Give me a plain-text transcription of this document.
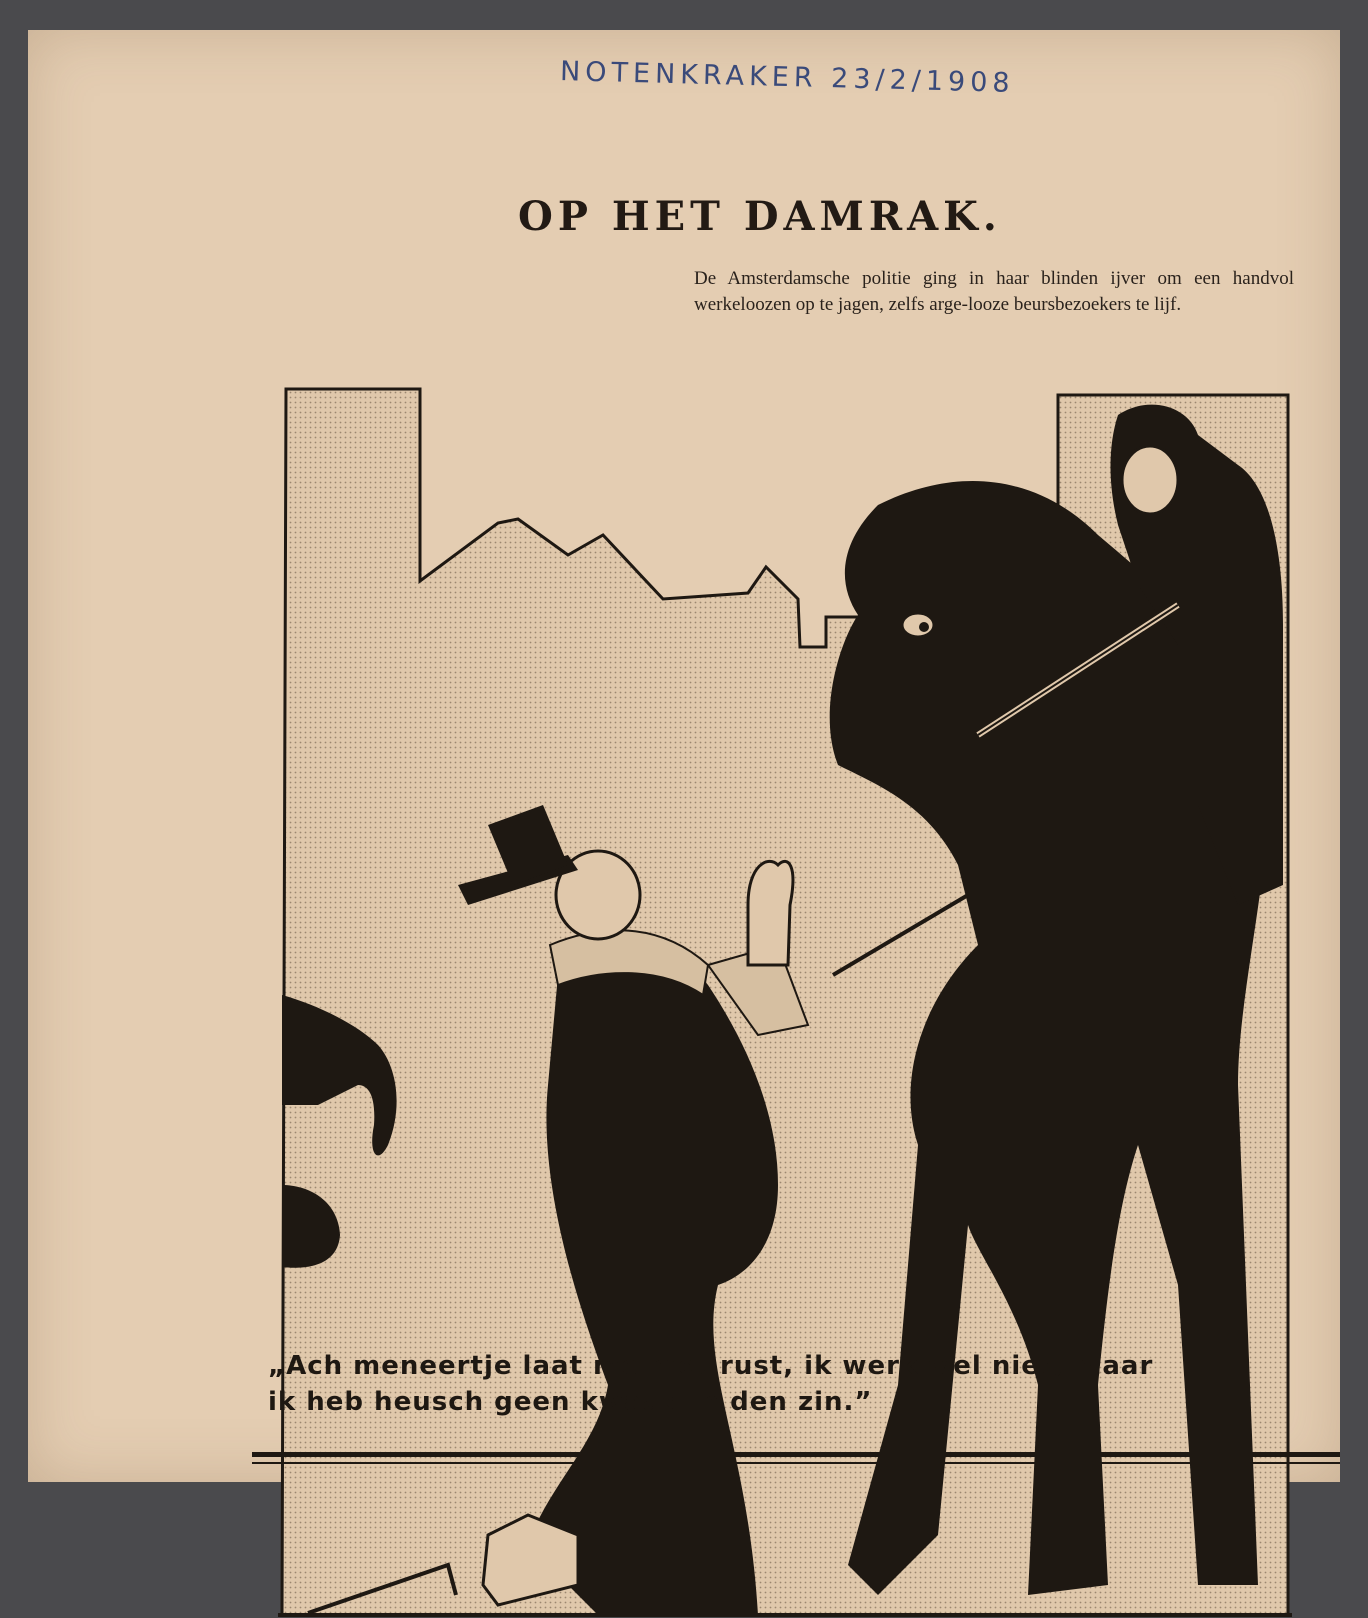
NOTENKRAKER 23/2/1908
OP HET DAMRAK.
De Amsterdamsche politie ging in haar blinden ijver om een handvol werkeloozen op te jagen, zelfs arge-looze beursbezoekers te lijf.
„Ach meneertje laat me met rust, ik werk wel niet, maar
ik heb heusch geen kwaad in den zin.”
